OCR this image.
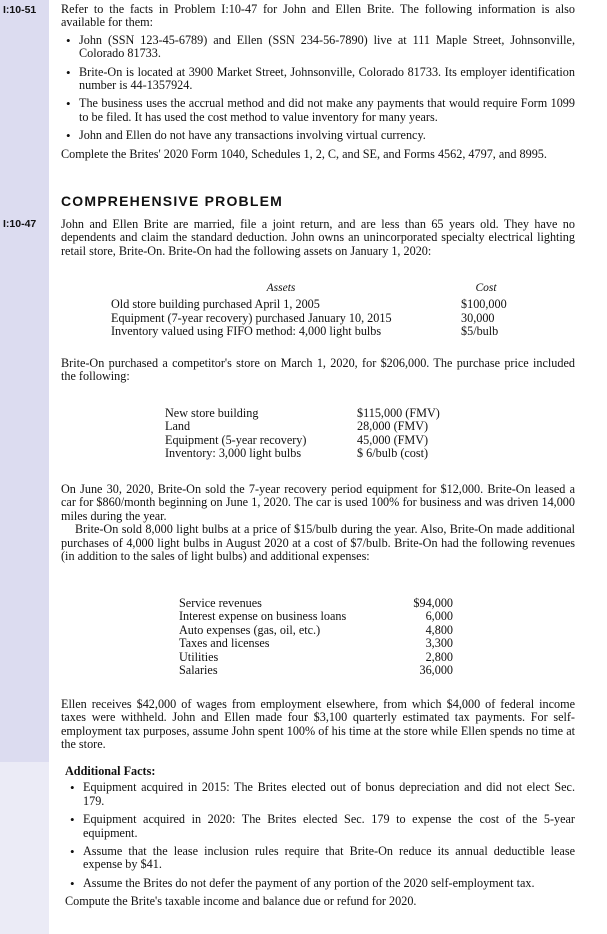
I:10-51
I:10-47

Refer to the facts in Problem I:10-47 for John and Ellen Brite. The following information is also available for them:

• John (SSN 123-45-6789) and Ellen (SSN 234-56-7890) live at 111 Maple Street, Johnsonville, Colorado 81733.
• Brite-On is located at 3900 Market Street, Johnsonville, Colorado 81733. Its employer identification number is 44-1357924.
• The business uses the accrual method and did not make any payments that would require Form 1099 to be filed. It has used the cost method to value inventory for many years.
• John and Ellen do not have any transactions involving virtual currency.

Complete the Brites' 2020 Form 1040, Schedules 1, 2, C, and SE, and Forms 4562, 4797, and 8995.

COMPREHENSIVE PROBLEM

John and Ellen Brite are married, file a joint return, and are less than 65 years old. They have no dependents and claim the standard deduction. John owns an unincorporated specialty electrical lighting retail store, Brite-On. Brite-On had the following assets on January 1, 2020:

Assets	Cost
Old store building purchased April 1, 2005	$100,000
Equipment (7-year recovery) purchased January 10, 2015	30,000
Inventory valued using FIFO method: 4,000 light bulbs	$5/bulb

Brite-On purchased a competitor's store on March 1, 2020, for $206,000. The purchase price included the following:

New store building	$115,000 (FMV)
Land	28,000 (FMV)
Equipment (5-year recovery)	45,000 (FMV)
Inventory: 3,000 light bulbs	$ 6/bulb (cost)

On June 30, 2020, Brite-On sold the 7-year recovery period equipment for $12,000. Brite-On leased a car for $860/month beginning on June 1, 2020. The car is used 100% for business and was driven 14,000 miles during the year.

Brite-On sold 8,000 light bulbs at a price of $15/bulb during the year. Also, Brite-On made additional purchases of 4,000 light bulbs in August 2020 at a cost of $7/bulb. Brite-On had the following revenues (in addition to the sales of light bulbs) and additional expenses:

Service revenues	$94,000
Interest expense on business loans	6,000
Auto expenses (gas, oil, etc.)	4,800
Taxes and licenses	3,300
Utilities	2,800
Salaries	36,000

Ellen receives $42,000 of wages from employment elsewhere, from which $4,000 of federal income taxes were withheld. John and Ellen made four $3,100 quarterly estimated tax payments. For self-employment tax purposes, assume John spent 100% of his time at the store while Ellen spends no time at the store.

Additional Facts:
• Equipment acquired in 2015: The Brites elected out of bonus depreciation and did not elect Sec. 179.
• Equipment acquired in 2020: The Brites elected Sec. 179 to expense the cost of the 5-year equipment.
• Assume that the lease inclusion rules require that Brite-On reduce its annual deductible lease expense by $41.
• Assume the Brites do not defer the payment of any portion of the 2020 self-employment tax.

Compute the Brite's taxable income and balance due or refund for 2020.
